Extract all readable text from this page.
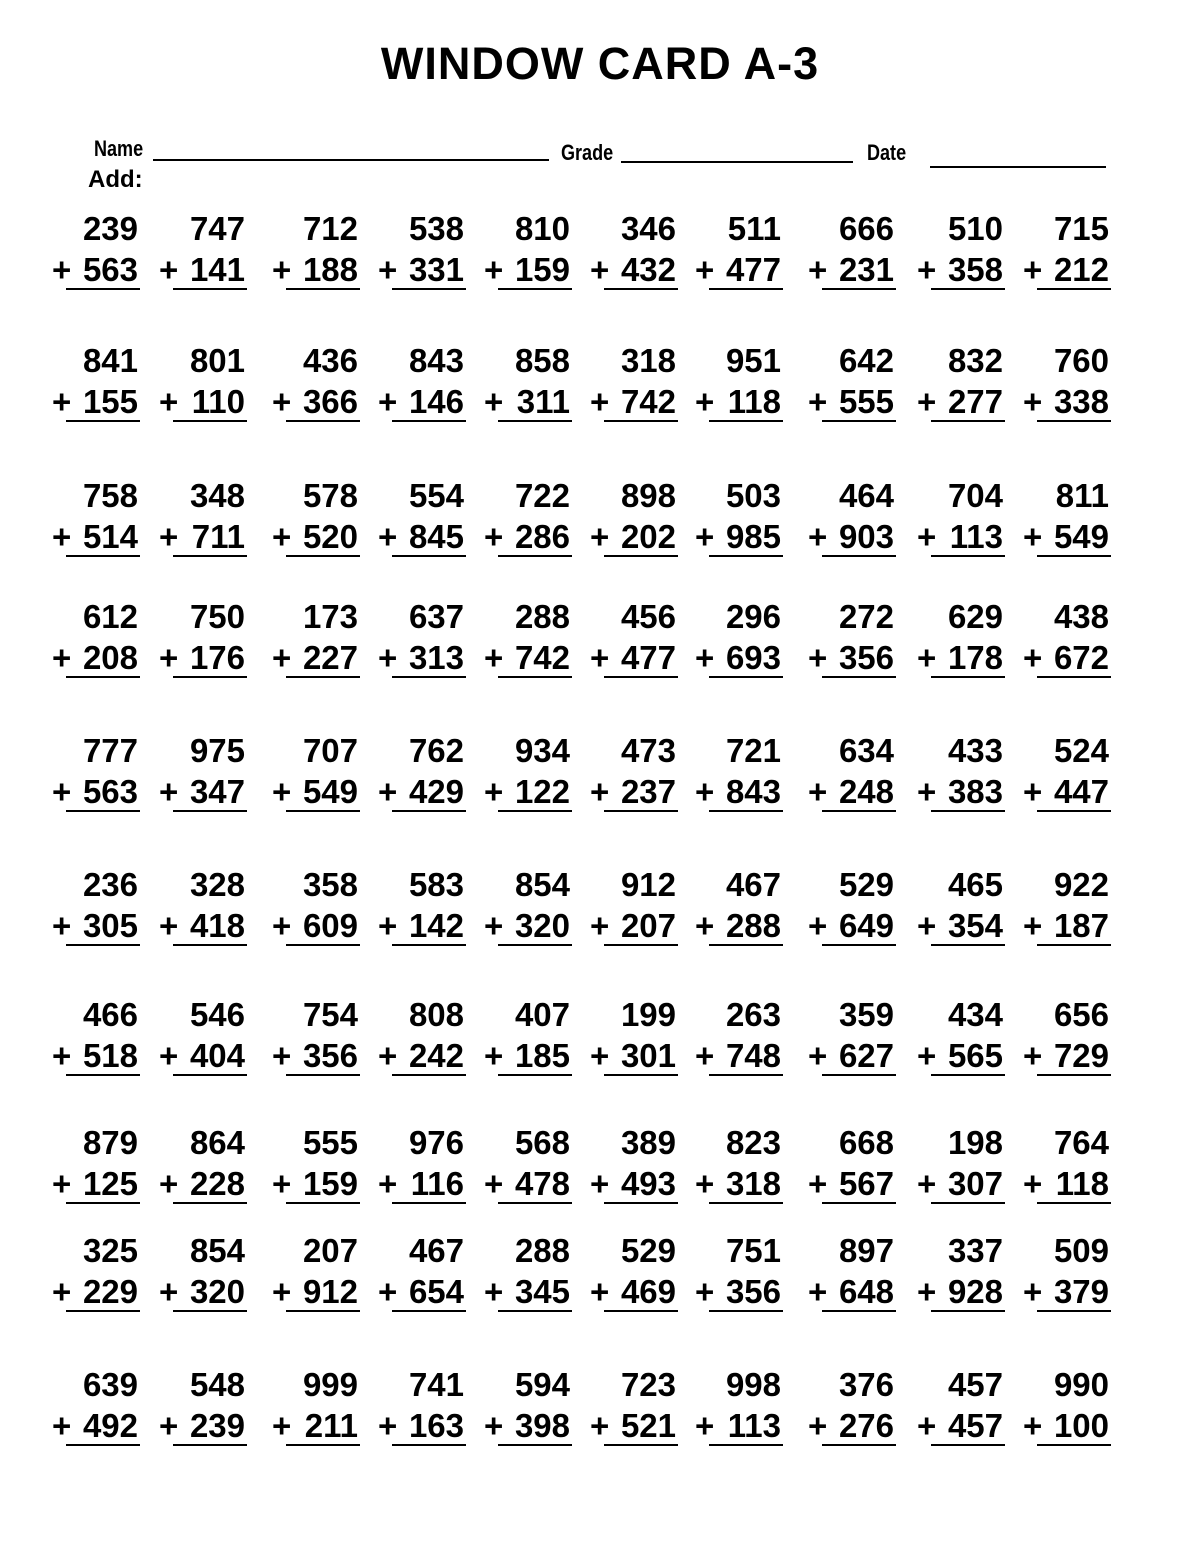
WINDOW CARD A-3
Name	Grade	Date

Add:

239
+ 563
747
+ 141
712
+ 188
538
+ 331
810
+ 159
346
+ 432
511
+ 477
666
+ 231
510
+ 358
715
+ 212
841
+ 155
801
+ 110
436
+ 366
843
+ 146
858
+ 311
318
+ 742
951
+ 118
642
+ 555
832
+ 277
760
+ 338
758
+ 514
348
+ 711
578
+ 520
554
+ 845
722
+ 286
898
+ 202
503
+ 985
464
+ 903
704
+ 113
811
+ 549
612
+ 208
750
+ 176
173
+ 227
637
+ 313
288
+ 742
456
+ 477
296
+ 693
272
+ 356
629
+ 178
438
+ 672
777
+ 563
975
+ 347
707
+ 549
762
+ 429
934
+ 122
473
+ 237
721
+ 843
634
+ 248
433
+ 383
524
+ 447
236
+ 305
328
+ 418
358
+ 609
583
+ 142
854
+ 320
912
+ 207
467
+ 288
529
+ 649
465
+ 354
922
+ 187
466
+ 518
546
+ 404
754
+ 356
808
+ 242
407
+ 185
199
+ 301
263
+ 748
359
+ 627
434
+ 565
656
+ 729
879
+ 125
864
+ 228
555
+ 159
976
+ 116
568
+ 478
389
+ 493
823
+ 318
668
+ 567
198
+ 307
764
+ 118
325
+ 229
854
+ 320
207
+ 912
467
+ 654
288
+ 345
529
+ 469
751
+ 356
897
+ 648
337
+ 928
509
+ 379
639
+ 492
548
+ 239
999
+ 211
741
+ 163
594
+ 398
723
+ 521
998
+ 113
376
+ 276
457
+ 457
990
+ 100
